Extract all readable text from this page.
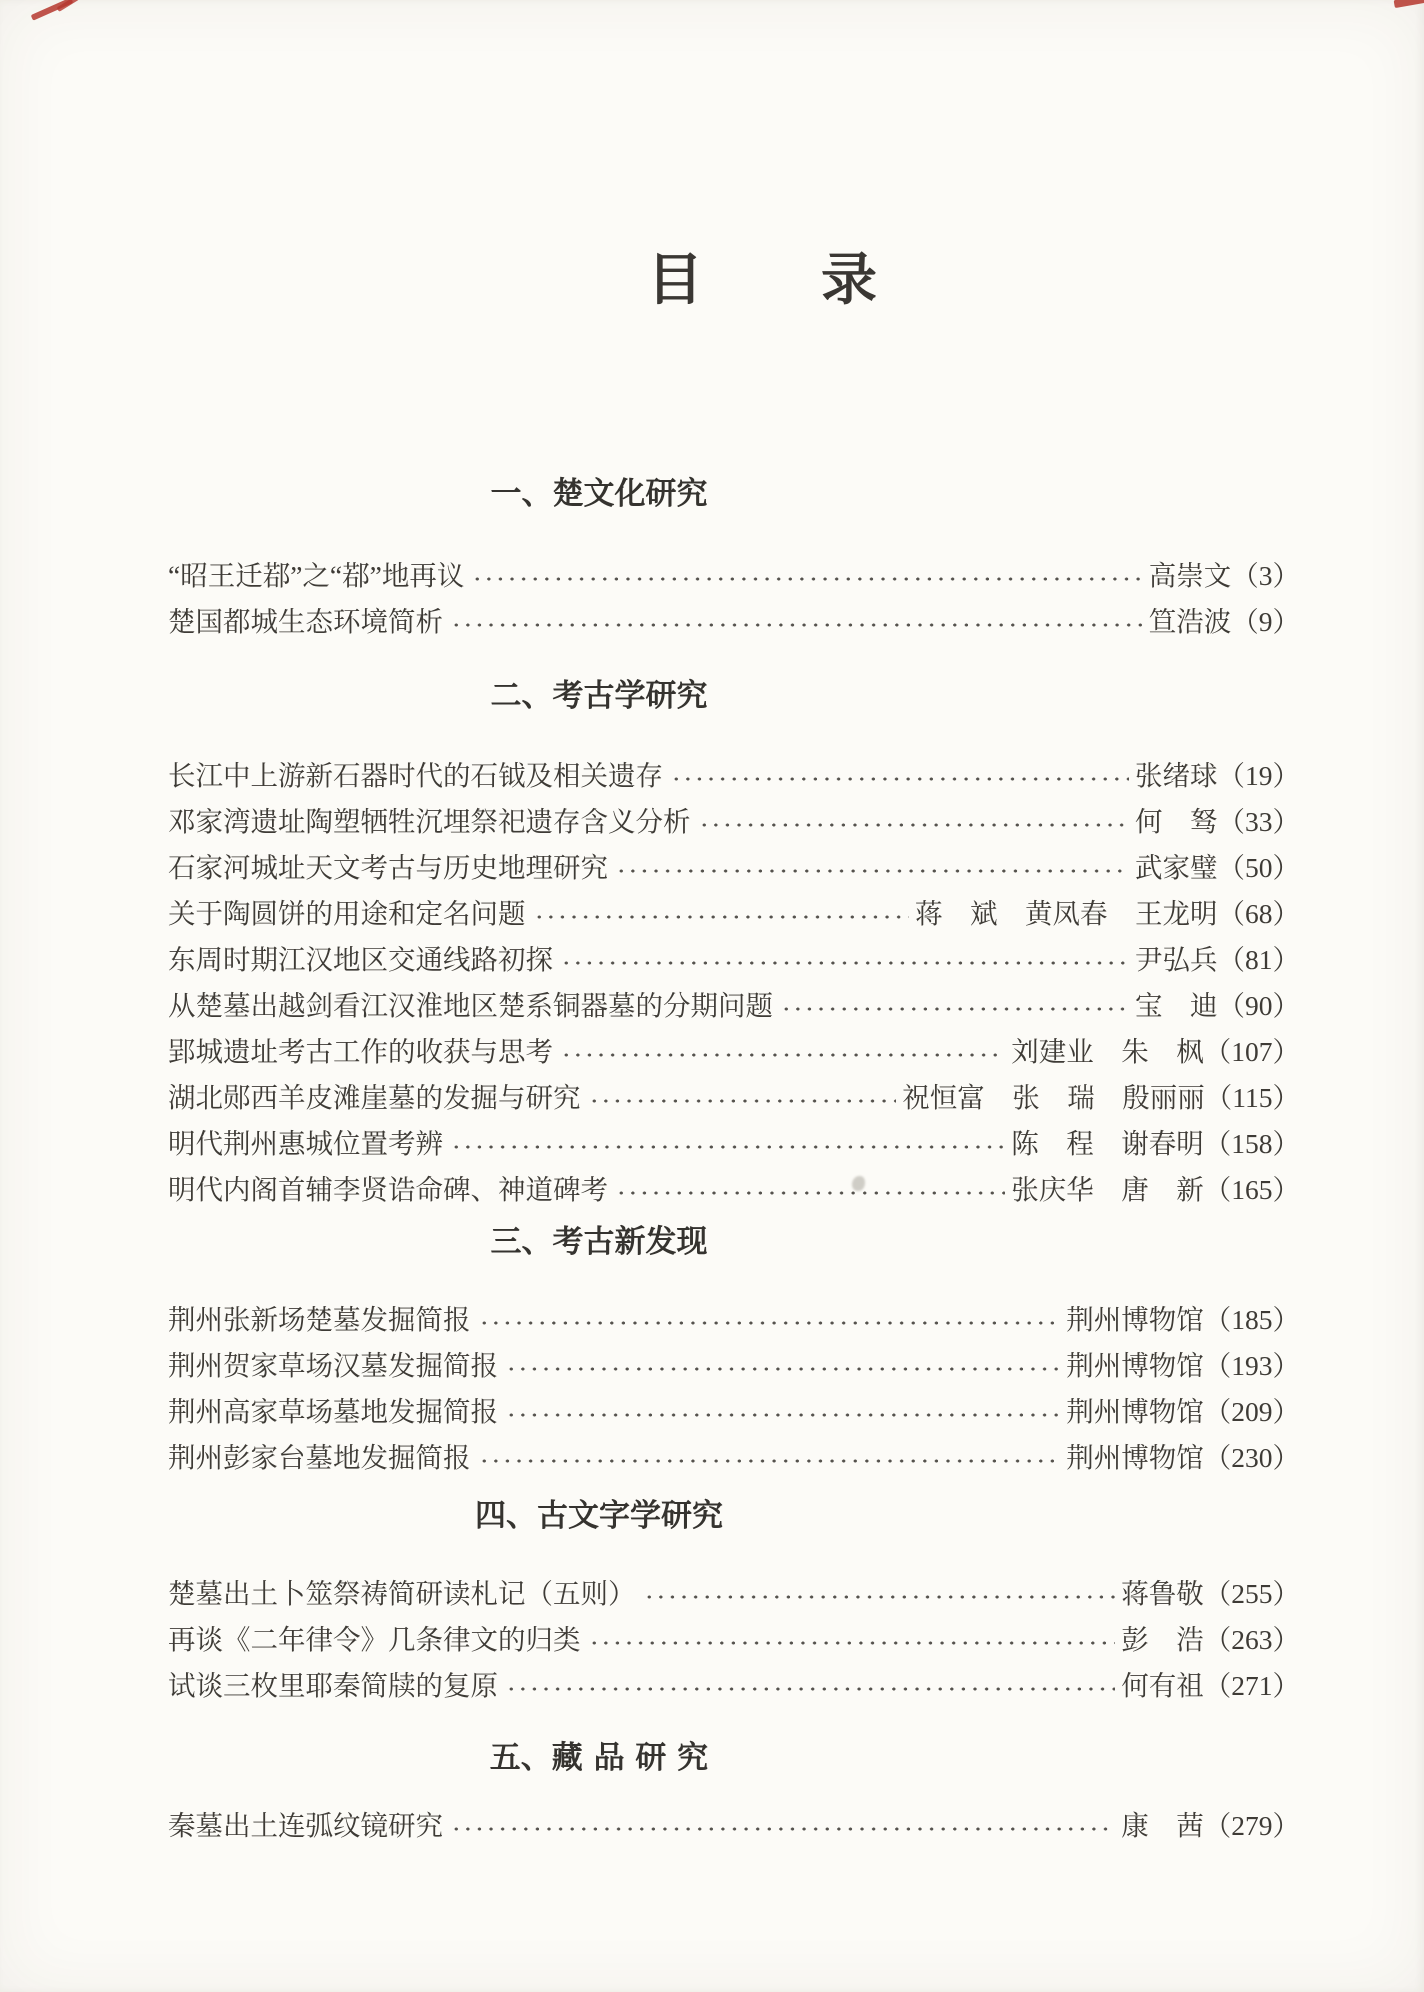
目　　录
一、楚文化研究
“昭王迁鄀”之“鄀”地再议	高崇文（3）
楚国都城生态环境简析	笪浩波（9）
二、考古学研究
长江中上游新石器时代的石钺及相关遗存	张绪球（19）
邓家湾遗址陶塑牺牲沉埋祭祀遗存含义分析	何　驽（33）
石家河城址天文考古与历史地理研究	武家璧（50）
关于陶圆饼的用途和定名问题	蒋　斌　黄凤春　王龙明（68）
东周时期江汉地区交通线路初探	尹弘兵（81）
从楚墓出越剑看江汉淮地区楚系铜器墓的分期问题	宝　迪（90）
郢城遗址考古工作的收获与思考	刘建业　朱　枫（107）
湖北郧西羊皮滩崖墓的发掘与研究	祝恒富　张　瑞　殷丽丽（115）
明代荆州惠城位置考辨	陈　程　谢春明（158）
明代内阁首辅李贤诰命碑、神道碑考	张庆华　唐　新（165）
三、考古新发现
荆州张新场楚墓发掘简报	荆州博物馆（185）
荆州贺家草场汉墓发掘简报	荆州博物馆（193）
荆州高家草场墓地发掘简报	荆州博物馆（209）
荆州彭家台墓地发掘简报	荆州博物馆（230）
四、古文字学研究
楚墓出土卜筮祭祷简研读札记（五则）	蒋鲁敬（255）
再谈《二年律令》几条律文的归类	彭　浩（263）
试谈三枚里耶秦简牍的复原	何有祖（271）
五、藏 品 研 究
秦墓出土连弧纹镜研究	康　茜（279）
